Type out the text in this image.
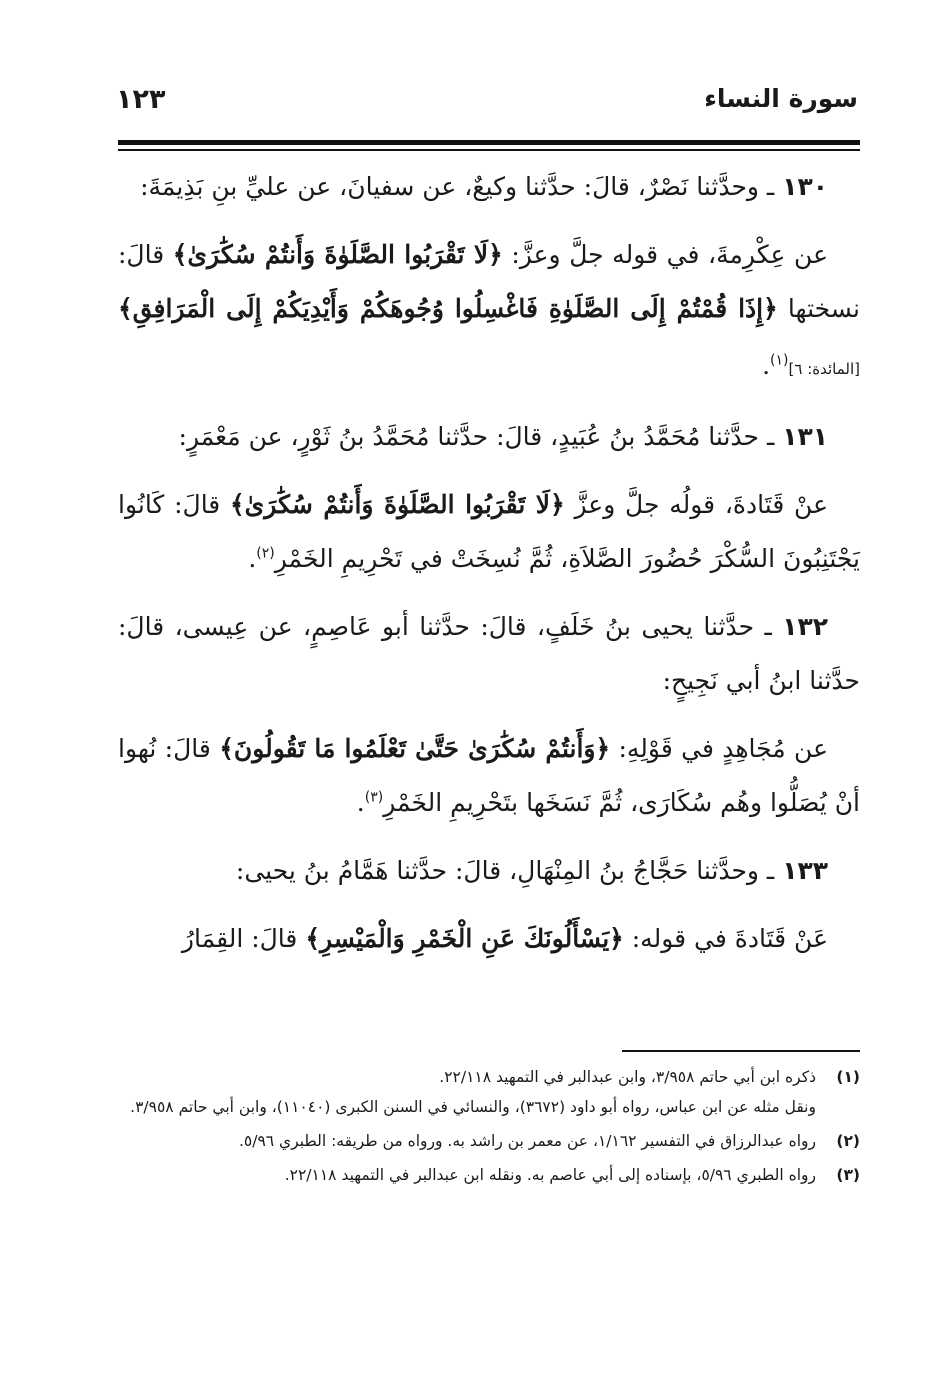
سورة النساء
١٢٣

١٣٠ ـ وحدَّثنا نَصْرٌ، قالَ: حدَّثنا وكيعٌ، عن سفيانَ، عن عليِّ بنِ بَذِيمَةَ:

عن عِكْرِمةَ، في قوله جلَّ وعزَّ: ﴿لَا تَقْرَبُوا الصَّلَوٰةَ وَأَنتُمْ سُكَٰرَىٰ﴾ قالَ: نسختها ﴿إِذَا قُمْتُمْ إِلَى الصَّلَوٰةِ فَاغْسِلُوا وُجُوهَكُمْ وَأَيْدِيَكُمْ إِلَى الْمَرَافِقِ﴾ [المائدة: ٦]$^{(١)}$.

١٣١ ـ حدَّثنا مُحَمَّدُ بنُ عُبَيدٍ، قالَ: حدَّثنا مُحَمَّدُ بنُ ثَوْرٍ، عن مَعْمَرٍ:

عنْ قَتَادةَ، قولُه جلَّ وعزَّ ﴿لَا تَقْرَبُوا الصَّلَوٰةَ وَأَنتُمْ سُكَٰرَىٰ﴾ قالَ: كَانُوا يَجْتَنِبُونَ السُّكْرَ حُضُورَ الصَّلاَةِ، ثُمَّ نُسِخَتْ في تَحْرِيمِ الخَمْرِ$^{(٢)}$.

١٣٢ ـ حدَّثنا يحيى بنُ خَلَفٍ، قالَ: حدَّثنا أبو عَاصِمٍ، عن عِيسى، قالَ: حدَّثنا ابنُ أبي نَجِيحٍ:

عن مُجَاهِدٍ في قَوْلِهِ: ﴿وَأَنتُمْ سُكَٰرَىٰ حَتَّىٰ تَعْلَمُوا مَا تَقُولُونَ﴾ قالَ: نُهوا أنْ يُصَلُّوا وهُم سُكَارَى، ثُمَّ نَسَخَها بتَحْرِيمِ الخَمْرِ$^{(٣)}$.

١٣٣ ـ وحدَّثنا حَجَّاجُ بنُ المِنْهَالِ، قالَ: حدَّثنا هَمَّامُ بنُ يحيى:

عَنْ قَتَادةَ في قوله: ﴿يَسْأَلُونَكَ عَنِ الْخَمْرِ وَالْمَيْسِرِ﴾ قالَ: القِمَارُ

(١)

ذكره ابن أبي حاتم ٣/٩٥٨، وابن عبدالبر في التمهيد ٢٢/١١٨.

ونقل مثله عن ابن عباس، رواه أبو داود (٣٦٧٢)، والنسائي في السنن الكبرى (١١٠٤٠)، وابن أبي حاتم ٣/٩٥٨.

(٢)

رواه عبدالرزاق في التفسير ١/١٦٢، عن معمر بن راشد به. ورواه من طريقه: الطبري ٥/٩٦.

(٣)

رواه الطبري ٥/٩٦، بإسناده إلى أبي عاصم به. ونقله ابن عبدالبر في التمهيد ٢٢/١١٨.
